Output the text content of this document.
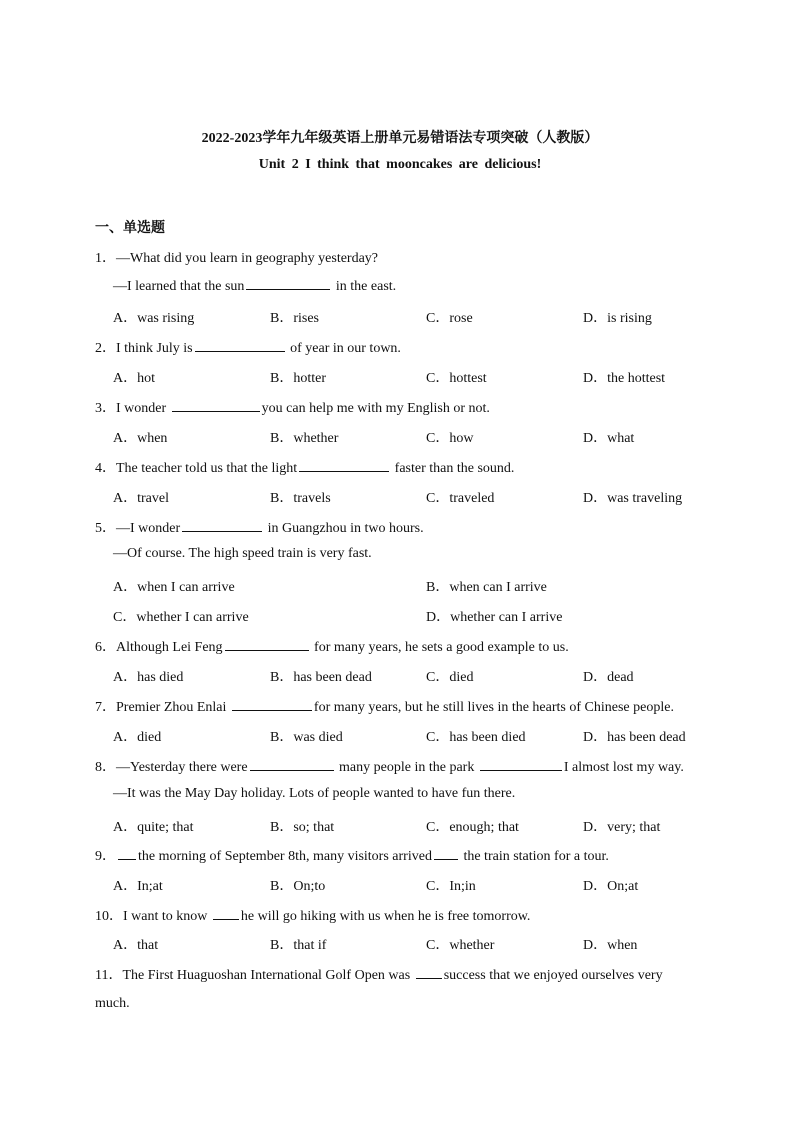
2022-2023学年九年级英语上册单元易错语法专项突破（人教版）
Unit 2 I think that mooncakes are delicious!
一、单选题
1．—What did you learn in geography yesterday?
—I learned that the sun	in the east.
A．was rising	B．rises	C．rose	D．is rising
2．I think July is	of year in our town.
A．hot	B．hotter	C．hottest	D．the hottest
3．I wonder	you can help me with my English or not.
A．when	B．whether	C．how	D．what
4．The teacher told us that the light	faster than the sound.
A．travel	B．travels	C．traveled	D．was traveling
5．—I wonder	in Guangzhou in two hours.
—Of course. The high speed train is very fast.
A．when I can arrive	B．when can I arrive
C．whether I can arrive	D．whether can I arrive
6．Although Lei Feng	for many years, he sets a good example to us.
A．has died	B．has been dead	C．died	D．dead
7．Premier Zhou Enlai	for many years, but he still lives in the hearts of Chinese people.
A．died	B．was died	C．has been died	D．has been dead
8．—Yesterday there were	many people in the park	I almost lost my way.
—It was the May Day holiday. Lots of people wanted to have fun there.
A．quite; that	B．so; that	C．enough; that	D．very; that
9． the morning of September 8th, many visitors arrived the train station for a tour.
A．In;at	B．On;to	C．In;in	D．On;at
10．I want to know he will go hiking with us when he is free tomorrow.
A．that	B．that if	C．whether	D．when
11．The First Huaguoshan International Golf Open was success that we enjoyed ourselves very
much.
